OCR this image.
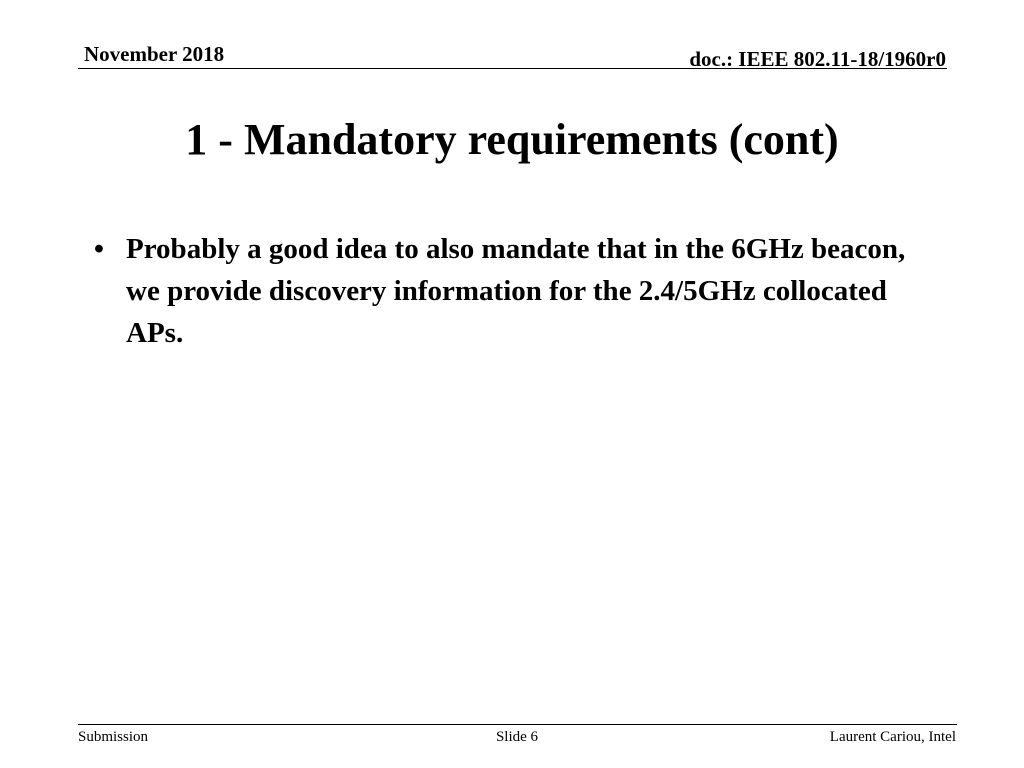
November 2018	doc.: IEEE 802.11-18/1960r0
1 - Mandatory requirements (cont)
• Probably a good idea to also mandate that in the 6GHz beacon, we provide discovery information for the 2.4/5GHz collocated APs.
Submission	Slide 6	Laurent Cariou, Intel
